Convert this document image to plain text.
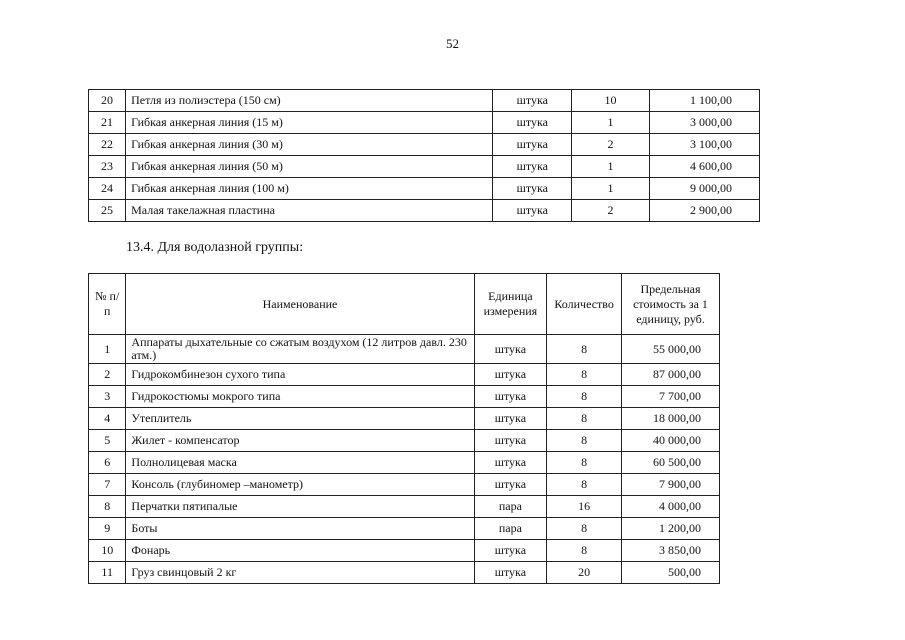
52
20	Петля из полиэстера (150 см)	штука	10	1 100,00
21	Гибкая анкерная линия (15 м)	штука	1	3 000,00
22	Гибкая анкерная линия (30 м)	штука	2	3 100,00
23	Гибкая анкерная линия (50 м)	штука	1	4 600,00
24	Гибкая анкерная линия (100 м)	штука	1	9 000,00
25	Малая такелажная пластина	штука	2	2 900,00
13.4. Для водолазной группы:
№ п/п	Наименование	Единица измерения	Количество	Предельная стоимость за 1 единицу, руб.
1	Аппараты дыхательные со сжатым воздухом (12 литров давл. 230 атм.)	штука	8	55 000,00
2	Гидрокомбинезон сухого типа	штука	8	87 000,00
3	Гидрокостюмы мокрого типа	штука	8	7 700,00
4	Утеплитель	штука	8	18 000,00
5	Жилет - компенсатор	штука	8	40 000,00
6	Полнолицевая маска	штука	8	60 500,00
7	Консоль (глубиномер –манометр)	штука	8	7 900,00
8	Перчатки пятипалые	пара	16	4 000,00
9	Боты	пара	8	1 200,00
10	Фонарь	штука	8	3 850,00
11	Груз свинцовый 2 кг	штука	20	500,00
